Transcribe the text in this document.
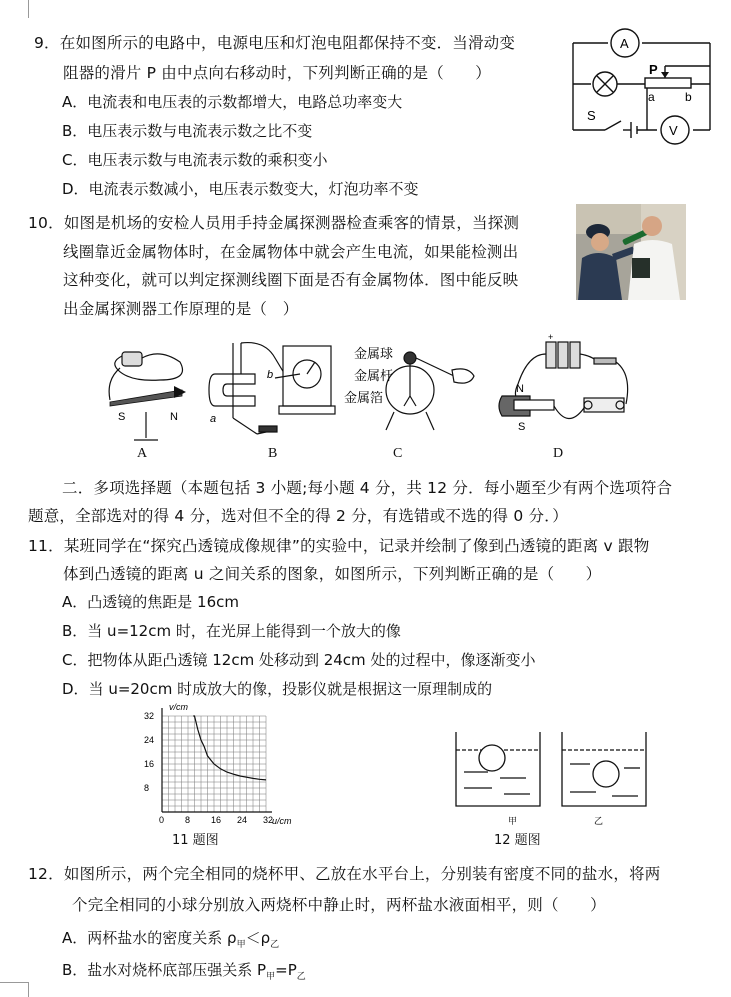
9．在如图所示的电路中，电源电压和灯泡电阻都保持不变．当滑动变
阻器的滑片 P 由中点向右移动时，下列判断正确的是（　　）
A．电流表和电压表的示数都增大，电路总功率变大
B．电压表示数与电流表示数之比不变
C．电压表示数与电流表示数的乘积变小
D．电流表示数减小，电压表示数变大，灯泡功率不变
A
V
P
a	b
S
10．如图是机场的安检人员用手持金属探测器检查乘客的情景，当探测
线圈靠近金属物体时，在金属物体中就会产生电流，如果能检测出
这种变化，就可以判定探测线圈下面是否有金属物体．图中能反映
出金属探测器工作原理的是（　）
S	N
A
a
b
B
金属球
金属杆
金属箔
C
+
N
S
D
二．多项选择题（本题包括 3 小题;每小题 4 分，共 12 分．每小题至少有两个选项符合
题意，全部选对的得 4 分，选对但不全的得 2 分，有选错或不选的得 0 分．）
11．某班同学在“探究凸透镜成像规律”的实验中，记录并绘制了像到凸透镜的距离 v 跟物
体到凸透镜的距离 u 之间关系的图象，如图所示，下列判断正确的是（　　）
A．凸透镜的焦距是 16cm
B．当 u=12cm 时，在光屏上能得到一个放大的像
C．把物体从距凸透镜 12cm 处移动到 24cm 处的过程中，像逐渐变小
D．当 u=20cm 时成放大的像，投影仪就是根据这一原理制成的
0 8 16 24 32
8
16
24
32
v/cm
u/cm
11 题图
甲	乙
12 题图
12．如图所示，两个完全相同的烧杯甲、乙放在水平台上，分别装有密度不同的盐水，将两
个完全相同的小球分别放入两烧杯中静止时，两杯盐水液面相平，则（　　）
A．两杯盐水的密度关系 $\rho_甲<\rho_乙$
B．盐水对烧杯底部压强关系 $P_甲=P_乙$
